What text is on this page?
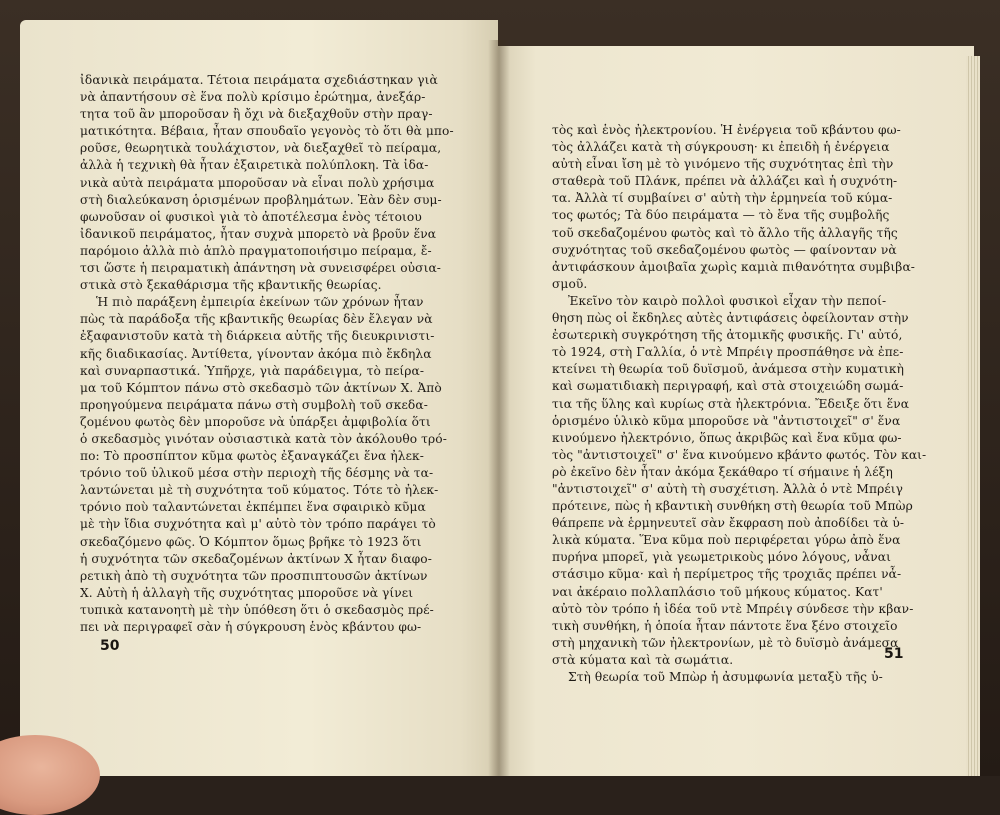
ἰδανικὰ πειράματα. Τέτοια πειράματα σχεδιάστηκαν γιὰ
νὰ ἀπαντήσουν σὲ ἕνα πολὺ κρίσιμο ἐρώτημα, ἀνεξάρ-
τητα τοῦ ἂν μποροῦσαν ἢ ὄχι νὰ διεξαχθοῦν στὴν πραγ-
ματικότητα. Βέβαια, ἦταν σπουδαῖο γεγονὸς τὸ ὅτι θὰ μπο-
ροῦσε, θεωρητικὰ τουλάχιστον, νὰ διεξαχθεῖ τὸ πείραμα,
ἀλλὰ ἡ τεχνικὴ θὰ ἦταν ἐξαιρετικὰ πολύπλοκη. Τὰ ἰδα-
νικὰ αὐτὰ πειράματα μποροῦσαν νὰ εἶναι πολὺ χρήσιμα
στὴ διαλεύκανση ὁρισμένων προβλημάτων. Ἐὰν δὲν συμ-
φωνοῦσαν οἱ φυσικοὶ γιὰ τὸ ἀποτέλεσμα ἑνὸς τέτοιου
ἰδανικοῦ πειράματος, ἦταν συχνὰ μπορετὸ νὰ βροῦν ἕνα
παρόμοιο ἀλλὰ πιὸ ἁπλὸ πραγματοποιήσιμο πείραμα, ἔ-
τσι ὥστε ἡ πειραματικὴ ἀπάντηση νὰ συνεισφέρει οὐσια-
στικὰ στὸ ξεκαθάρισμα τῆς κβαντικῆς θεωρίας.
Ἡ πιὸ παράξενη ἐμπειρία ἐκείνων τῶν χρόνων ἦταν
πὼς τὰ παράδοξα τῆς κβαντικῆς θεωρίας δὲν ἔλεγαν νὰ
ἐξαφανιστοῦν κατὰ τὴ διάρκεια αὐτῆς τῆς διευκρινιστι-
κῆς διαδικασίας. Ἀντίθετα, γίνονταν ἀκόμα πιὸ ἔκδηλα
καὶ συναρπαστικά. Ὑπῆρχε, γιὰ παράδειγμα, τὸ πείρα-
μα τοῦ Κόμπτον πάνω στὸ σκεδασμὸ τῶν ἀκτίνων Χ. Ἀπὸ
προηγούμενα πειράματα πάνω στὴ συμβολὴ τοῦ σκεδα-
ζομένου φωτὸς δὲν μποροῦσε νὰ ὑπάρξει ἀμφιβολία ὅτι
ὁ σκεδασμὸς γινόταν οὐσιαστικὰ κατὰ τὸν ἀκόλουθο τρό-
πο: Τὸ προσπίπτον κῦμα φωτὸς ἐξαναγκάζει ἕνα ἠλεκ-
τρόνιο τοῦ ὑλικοῦ μέσα στὴν περιοχὴ τῆς δέσμης νὰ τα-
λαντώνεται μὲ τὴ συχνότητα τοῦ κύματος. Τότε τὸ ἠλεκ-
τρόνιο ποὺ ταλαντώνεται ἐκπέμπει ἕνα σφαιρικὸ κῦμα
μὲ τὴν ἴδια συχνότητα καὶ μ' αὐτὸ τὸν τρόπο παράγει τὸ
σκεδαζόμενο φῶς. Ὁ Κόμπτον ὅμως βρῆκε τὸ 1923 ὅτι
ἡ συχνότητα τῶν σκεδαζομένων ἀκτίνων Χ ἦταν διαφο-
ρετικὴ ἀπὸ τὴ συχνότητα τῶν προσπιπτουσῶν ἀκτίνων
Χ. Αὐτὴ ἡ ἀλλαγὴ τῆς συχνότητας μποροῦσε νὰ γίνει
τυπικὰ κατανοητὴ μὲ τὴν ὑπόθεση ὅτι ὁ σκεδασμὸς πρέ-
πει νὰ περιγραφεῖ σὰν ἡ σύγκρουση ἑνὸς κβάντου φω-
50
τὸς καὶ ἑνὸς ἠλεκτρονίου. Ἡ ἐνέργεια τοῦ κβάντου φω-
τὸς ἀλλάζει κατὰ τὴ σύγκρουση· κι ἐπειδὴ ἡ ἐνέργεια
αὐτὴ εἶναι ἴση μὲ τὸ γινόμενο τῆς συχνότητας ἐπὶ τὴν
σταθερὰ τοῦ Πλάνκ, πρέπει νὰ ἀλλάζει καὶ ἡ συχνότη-
τα. Ἀλλὰ τί συμβαίνει σ' αὐτὴ τὴν ἑρμηνεία τοῦ κύμα-
τος φωτός; Τὰ δύο πειράματα — τὸ ἕνα τῆς συμβολῆς
τοῦ σκεδαζομένου φωτὸς καὶ τὸ ἄλλο τῆς ἀλλαγῆς τῆς
συχνότητας τοῦ σκεδαζομένου φωτὸς — φαίνονταν νὰ
ἀντιφάσκουν ἀμοιβαῖα χωρὶς καμιὰ πιθανότητα συμβιβα-
σμοῦ.
Ἐκεῖνο τὸν καιρὸ πολλοὶ φυσικοὶ εἶχαν τὴν πεποί-
θηση πὼς οἱ ἔκδηλες αὐτὲς ἀντιφάσεις ὀφείλονταν στὴν
ἐσωτερικὴ συγκρότηση τῆς ἀτομικῆς φυσικῆς. Γι' αὐτό,
τὸ 1924, στὴ Γαλλία, ὁ ντὲ Μπρέιγ προσπάθησε νὰ ἐπε-
κτείνει τὴ θεωρία τοῦ δυϊσμοῦ, ἀνάμεσα στὴν κυματικὴ
καὶ σωματιδιακὴ περιγραφή, καὶ στὰ στοιχειώδη σωμά-
τια τῆς ὕλης καὶ κυρίως στὰ ἠλεκτρόνια. Ἔδειξε ὅτι ἕνα
ὁρισμένο ὑλικὸ κῦμα μποροῦσε νὰ "ἀντιστοιχεῖ" σ' ἕνα
κινούμενο ἠλεκτρόνιο, ὅπως ἀκριβῶς καὶ ἕνα κῦμα φω-
τὸς "ἀντιστοιχεῖ" σ' ἕνα κινούμενο κβάντο φωτός. Τὸν και-
ρὸ ἐκεῖνο δὲν ἦταν ἀκόμα ξεκάθαρο τί σήμαινε ἡ λέξη
"ἀντιστοιχεῖ" σ' αὐτὴ τὴ συσχέτιση. Ἀλλὰ ὁ ντὲ Μπρέιγ
πρότεινε, πὼς ἡ κβαντικὴ συνθήκη στὴ θεωρία τοῦ Μπὼρ
θάπρεπε νὰ ἑρμηνευτεῖ σὰν ἔκφραση ποὺ ἀποδίδει τὰ ὑ-
λικὰ κύματα. Ἕνα κῦμα ποὺ περιφέρεται γύρω ἀπὸ ἕνα
πυρήνα μπορεῖ, γιὰ γεωμετρικοὺς μόνο λόγους, νἆναι
στάσιμο κῦμα· καὶ ἡ περίμετρος τῆς τροχιᾶς πρέπει νἆ-
ναι ἀκέραιο πολλαπλάσιο τοῦ μήκους κύματος. Κατ'
αὐτὸ τὸν τρόπο ἡ ἰδέα τοῦ ντὲ Μπρέιγ σύνδεσε τὴν κβαν-
τικὴ συνθήκη, ἡ ὁποία ἦταν πάντοτε ἕνα ξένο στοιχεῖο
στὴ μηχανικὴ τῶν ἠλεκτρονίων, μὲ τὸ δυϊσμὸ ἀνάμεσα
στὰ κύματα καὶ τὰ σωμάτια.
Στὴ θεωρία τοῦ Μπὼρ ἡ ἀσυμφωνία μεταξὺ τῆς ὑ-
51
